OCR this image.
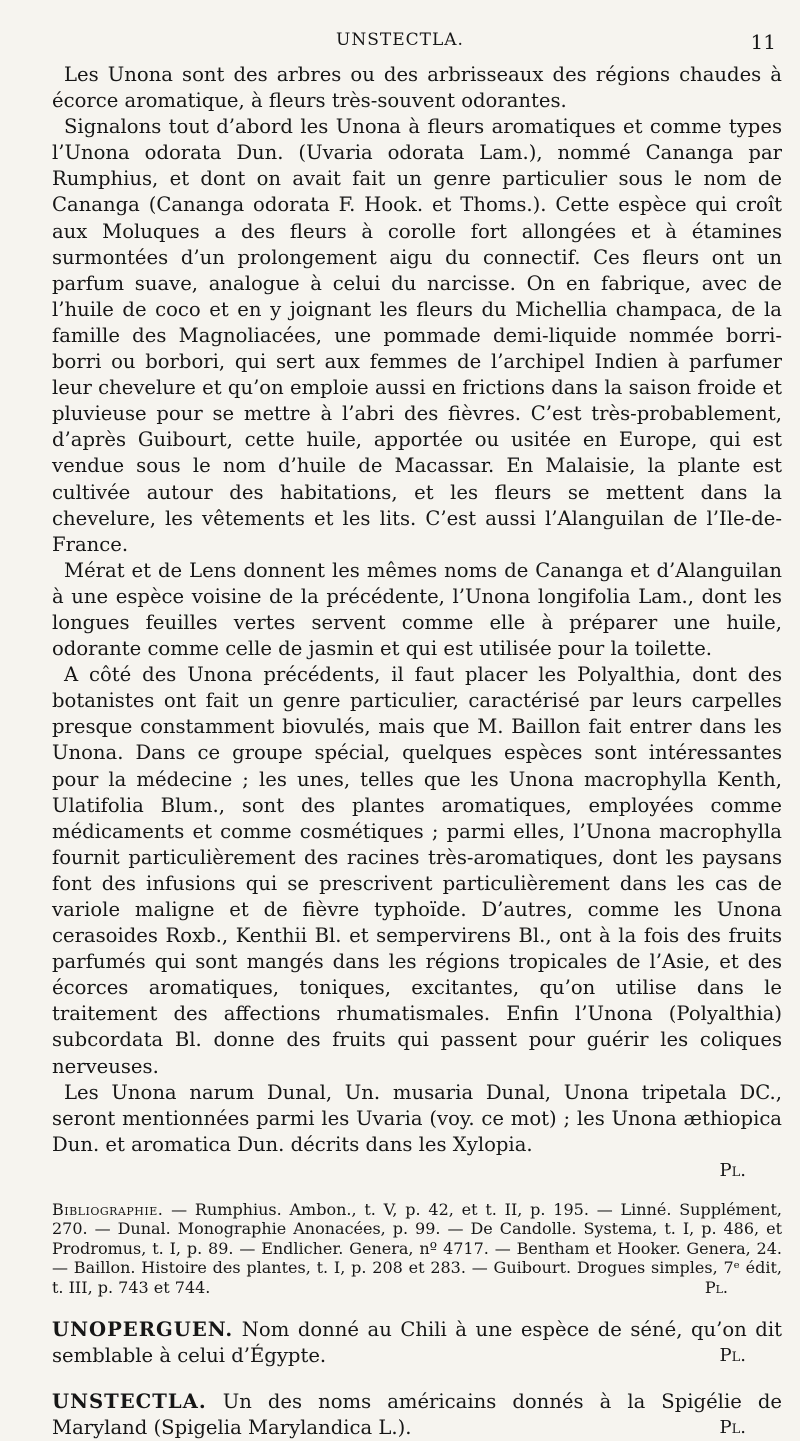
UNSTECTLA.	11

Les Unona sont des arbres ou des arbrisseaux des régions chaudes à écorce aromatique, à fleurs très-souvent odorantes.

Signalons tout d’abord les Unona à fleurs aromatiques et comme types l’Unona odorata Dun. (Uvaria odorata Lam.), nommé Cananga par Rumphius, et dont on avait fait un genre particulier sous le nom de Cananga (Cananga odorata F. Hook. et Thoms.). Cette espèce qui croît aux Moluques a des fleurs à corolle fort allongées et à étamines surmontées d’un prolongement aigu du connectif. Ces fleurs ont un parfum suave, analogue à celui du narcisse. On en fabrique, avec de l’huile de coco et en y joignant les fleurs du Michellia champaca, de la famille des Magnoliacées, une pommade demi-liquide nommée borri-borri ou borbori, qui sert aux femmes de l’archipel Indien à parfumer leur chevelure et qu’on emploie aussi en frictions dans la saison froide et pluvieuse pour se mettre à l’abri des fièvres. C’est très-probablement, d’après Guibourt, cette huile, apportée ou usitée en Europe, qui est vendue sous le nom d’huile de Macassar. En Malaisie, la plante est cultivée autour des habitations, et les fleurs se mettent dans la chevelure, les vêtements et les lits. C’est aussi l’Alanguilan de l’Ile-de-France.

Mérat et de Lens donnent les mêmes noms de Cananga et d’Alanguilan à une espèce voisine de la précédente, l’Unona longifolia Lam., dont les longues feuilles vertes servent comme elle à préparer une huile, odorante comme celle de jasmin et qui est utilisée pour la toilette.

A côté des Unona précédents, il faut placer les Polyalthia, dont des botanistes ont fait un genre particulier, caractérisé par leurs carpelles presque constamment biovulés, mais que M. Baillon fait entrer dans les Unona. Dans ce groupe spécial, quelques espèces sont intéressantes pour la médecine ; les unes, telles que les Unona macrophylla Kenth, Ulatifolia Blum., sont des plantes aromatiques, employées comme médicaments et comme cosmétiques ; parmi elles, l’Unona macrophylla fournit particulièrement des racines très-aromatiques, dont les paysans font des infusions qui se prescrivent particulièrement dans les cas de variole maligne et de fièvre typhoïde. D’autres, comme les Unona cerasoides Roxb., Kenthii Bl. et sempervirens Bl., ont à la fois des fruits parfumés qui sont mangés dans les régions tropicales de l’Asie, et des écorces aromatiques, toniques, excitantes, qu’on utilise dans le traitement des affections rhumatismales. Enfin l’Unona (Polyalthia) subcordata Bl. donne des fruits qui passent pour guérir les coliques nerveuses.

Les Unona narum Dunal, Un. musaria Dunal, Unona tripetala DC., seront mentionnées parmi les Uvaria (voy. ce mot) ; les Unona æthiopica Dun. et aromatica Dun. décrits dans les Xylopia.

Pl.

Bibliographie. — Rumphius. Ambon., t. V, p. 42, et t. II, p. 195. — Linné. Supplément, 270. — Dunal. Monographie Anonacées, p. 99. — De Candolle. Systema, t. I, p. 486, et Prodromus, t. I, p. 89. — Endlicher. Genera, nº 4717. — Bentham et Hooker. Genera, 24. — Baillon. Histoire des plantes, t. I, p. 208 et 283. — Guibourt. Drogues simples, 7ᵉ édit, t. III, p. 743 et 744.	Pl.
UNOPERGUEN. Nom donné au Chili à une espèce de séné, qu’on dit semblable à celui d’Égypte.	Pl.
UNSTECTLA. Un des noms américains donnés à la Spigélie de Maryland (Spigelia Marylandica L.).	Pl.
